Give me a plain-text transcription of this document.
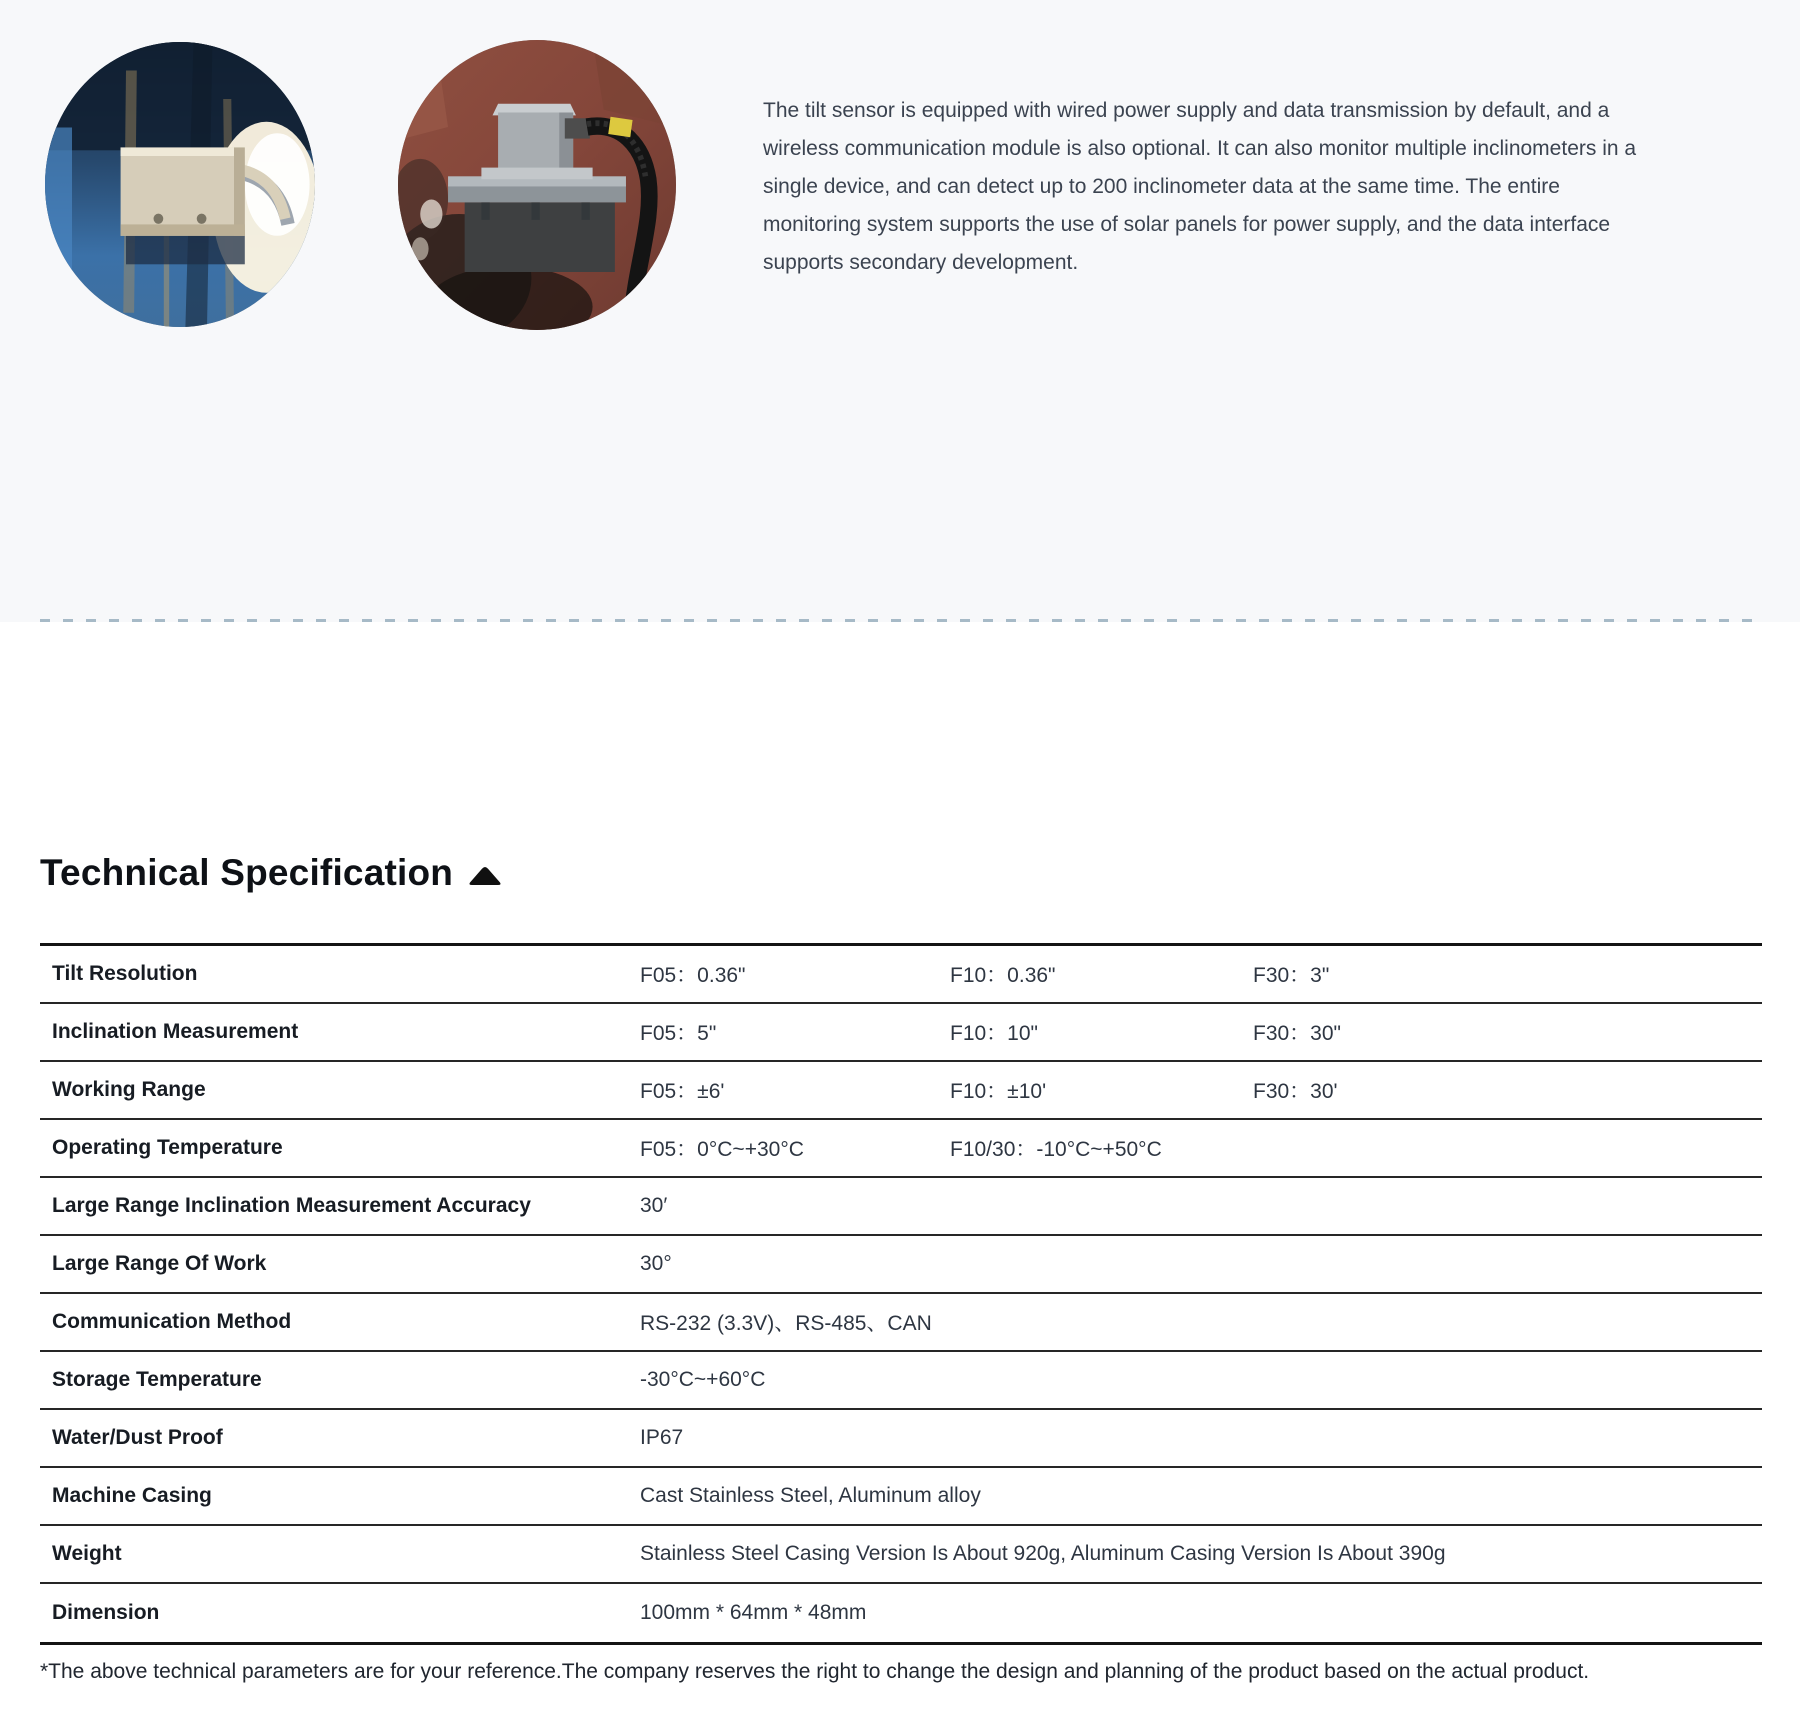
The tilt sensor is equipped with wired power supply and data transmission by default, and a wireless communication module is also optional. It can also monitor multiple inclinometers in a single device, and can detect up to 200 inclinometer data at the same time. The entire monitoring system supports the use of solar panels for power supply, and the data interface supports secondary development.

Technical Specification
Tilt Resolution	F05：0.36"	F10：0.36"	F30：3"
Inclination Measurement	F05：5"	F10：10"	F30：30"
Working Range	F05：±6'	F10：±10'	F30：30'
Operating Temperature	F05：0°C~+30°C	F10/30：-10°C~+50°C
Large Range Inclination Measurement Accuracy	30′
Large Range Of Work	30°
Communication Method	RS-232 (3.3V)、RS-485、CAN
Storage Temperature	-30°C~+60°C
Water/Dust Proof	IP67
Machine Casing	Cast Stainless Steel, Aluminum alloy
Weight	Stainless Steel Casing Version Is About 920g, Aluminum Casing Version Is About 390g
Dimension	100mm * 64mm * 48mm

*The above technical parameters are for your reference.The company reserves the right to change the design and planning of the product based on the actual product.
